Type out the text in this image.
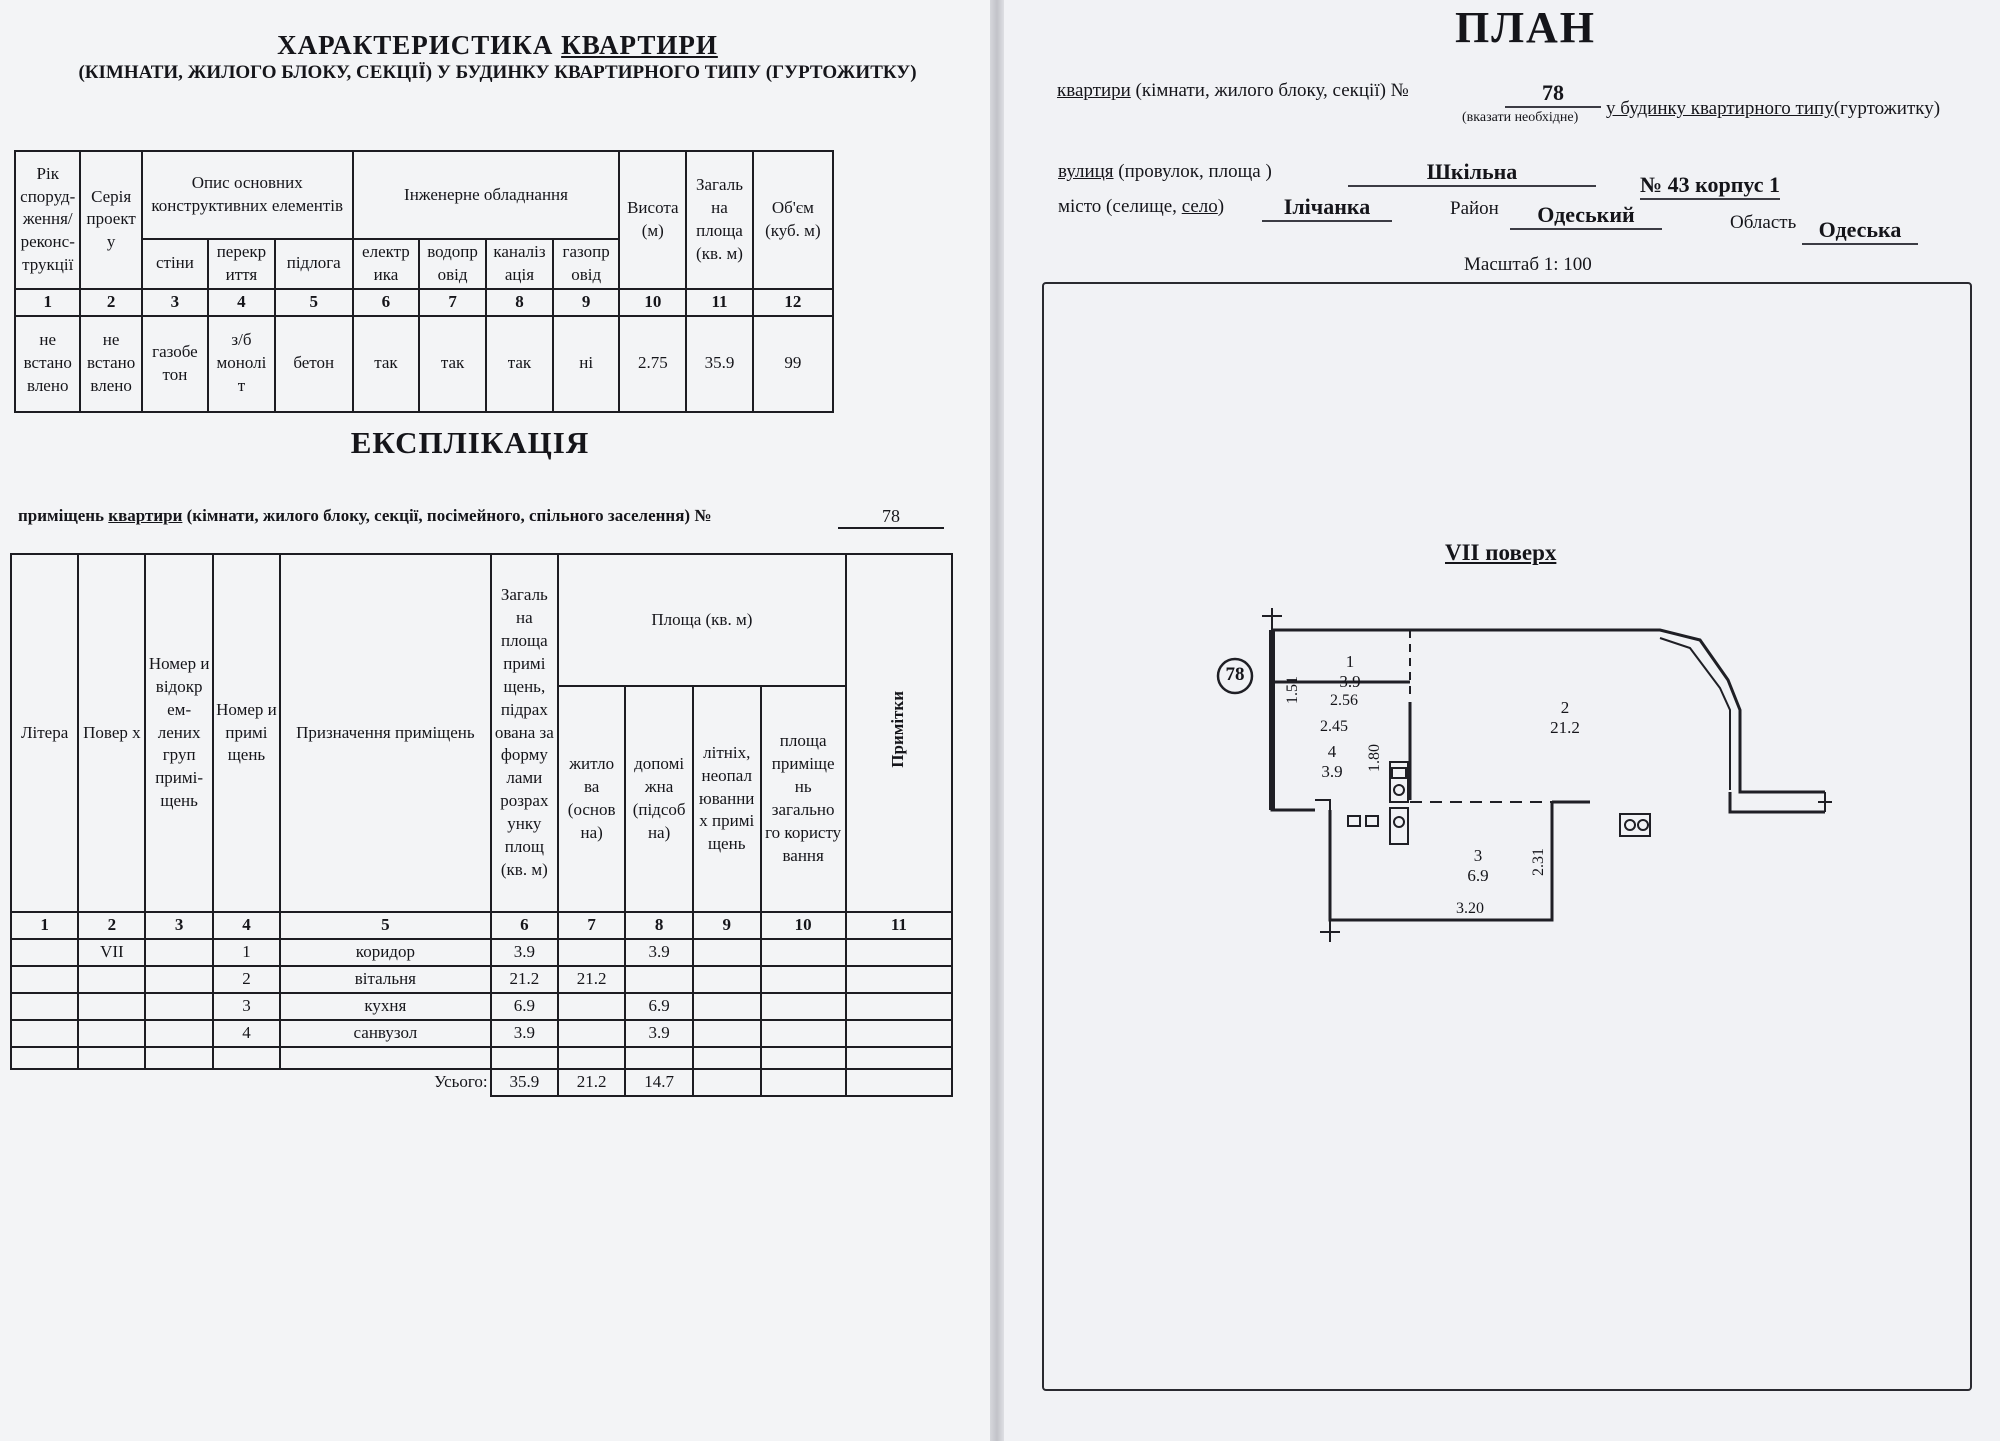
ХАРАКТЕРИСТИКА КВАРТИРИ
(КІМНАТИ, ЖИЛОГО БЛОКУ, СЕКЦІЇ) У БУДИНКУ КВАРТИРНОГО ТИПУ (ГУРТОЖИТКУ)
Рік споруд-ження/ реконс-трукції	Серія проект у	Опис основних конструктивних елементів			Інженерне обладнання				Висота (м)	Загаль на площа (кв. м)	Об'єм (куб. м)
		стіни	перекр иття	підлога	електр ика	водопр овід	каналіз ація	газопр овід			
1	2	3	4	5	6	7	8	9	10	11	12
не встано влено	не встано влено	газобе тон	з/б монолі т	бетон	так	так	так	ні	2.75	35.9	99
ЕКСПЛІКАЦІЯ
приміщень квартири (кімнати, жилого блоку, секції, посімейного, спільного заселення) №	78
Літера	Повер х	Номер и відокр ем-лених груп примі-щень	Номер и примі щень	Призначення приміщень	Загаль на площа примі щень, підрах ована за форму лами розрах унку площ (кв. м)	Площа (кв. м)				Примітки
						житло ва (основ на)	допомі жна (підсоб на)	літніх, неопал юванни х примі щень	площа приміще нь загально го користу вання	
1	2	3	4	5	6	7	8	9	10	11
	VII		1	коридор	3.9		3.9			
			2	вітальня	21.2	21.2				
			3	кухня	6.9		6.9			
			4	санвузол	3.9		3.9			

Усього:					35.9	21.2	14.7			
ПЛАН
квартири (кімнати, жилого блоку, секції) №	78
у будинку квартирного типу(гуртожитку)
(вказати необхідне)
вулиця (провулок, площа )	Шкільна
№ 43 корпус 1
місто (селище, село)	Ілічанка	Район	Одеський	Область	Одеська
Масштаб 1: 100
VII поверх
78
1
3.9
2
21.2
3
6.9
4
3.9
1.51 2.56
2.45
1.80
2.31
3.20
